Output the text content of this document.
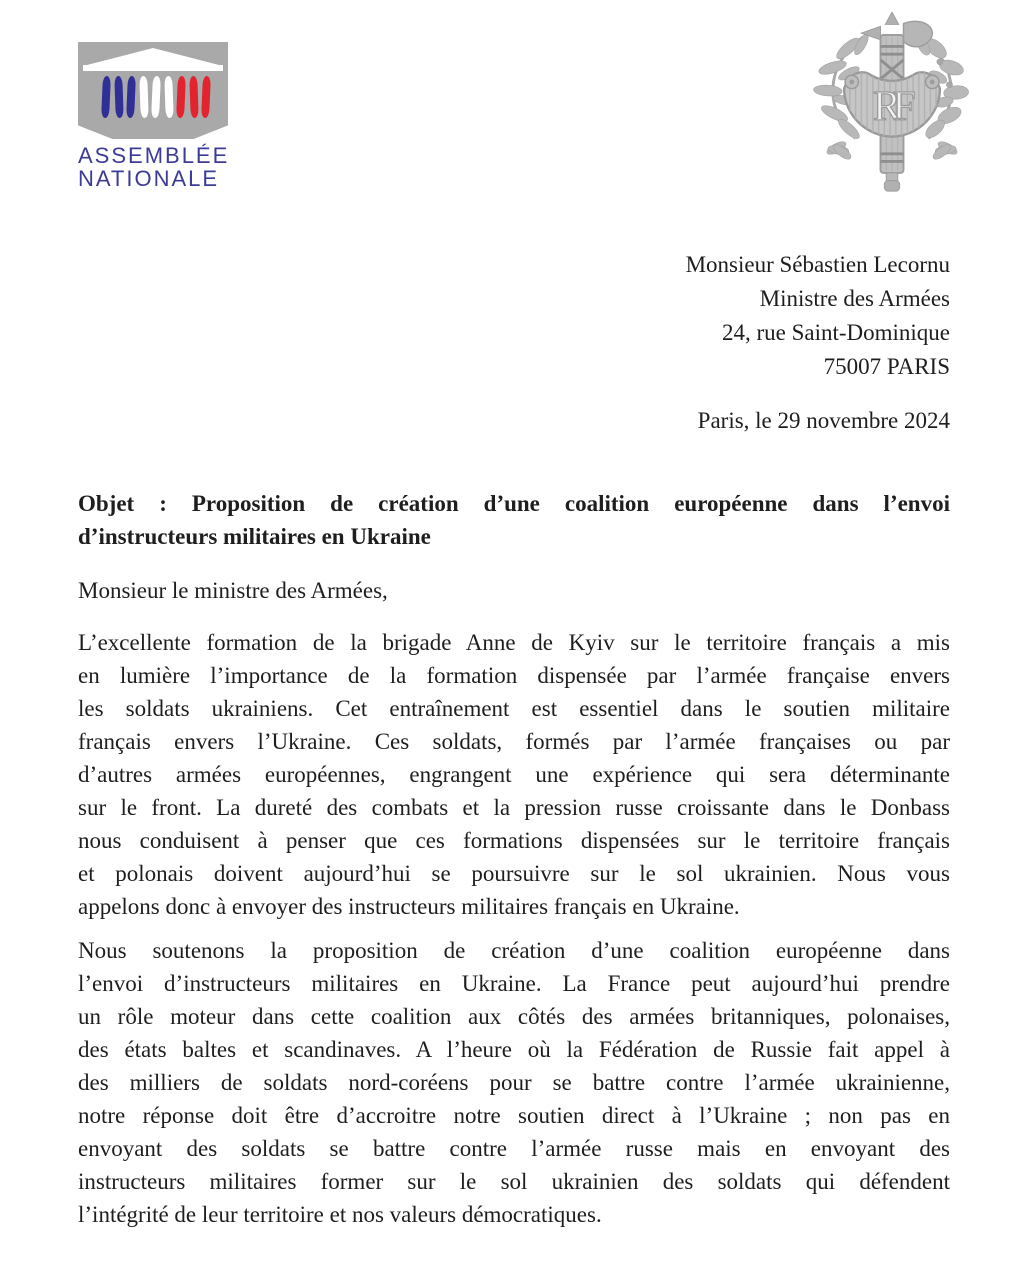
ASSEMBLÉE
NATIONALE
RF
Monsieur Sébastien Lecornu
Ministre des Armées
24, rue Saint-Dominique
75007 PARIS
Paris, le 29 novembre 2024
Objet : Proposition de création d’une coalition européenne dans l’envoi
d’instructeurs militaires en Ukraine
Monsieur le ministre des Armées,
L’excellente formation de la brigade Anne de Kyiv sur le territoire français a mis
en lumière l’importance de la formation dispensée par l’armée française envers
les soldats ukrainiens. Cet entraînement est essentiel dans le soutien militaire
français envers l’Ukraine. Ces soldats, formés par l’armée françaises ou par
d’autres armées européennes, engrangent une expérience qui sera déterminante
sur le front. La dureté des combats et la pression russe croissante dans le Donbass
nous conduisent à penser que ces formations dispensées sur le territoire français
et polonais doivent aujourd’hui se poursuivre sur le sol ukrainien. Nous vous
appelons donc à envoyer des instructeurs militaires français en Ukraine.
Nous soutenons la proposition de création d’une coalition européenne dans
l’envoi d’instructeurs militaires en Ukraine. La France peut aujourd’hui prendre
un rôle moteur dans cette coalition aux côtés des armées britanniques, polonaises,
des états baltes et scandinaves. A l’heure où la Fédération de Russie fait appel à
des milliers de soldats nord-coréens pour se battre contre l’armée ukrainienne,
notre réponse doit être d’accroitre notre soutien direct à l’Ukraine ; non pas en
envoyant des soldats se battre contre l’armée russe mais en envoyant des
instructeurs militaires former sur le sol ukrainien des soldats qui défendent
l’intégrité de leur territoire et nos valeurs démocratiques.
